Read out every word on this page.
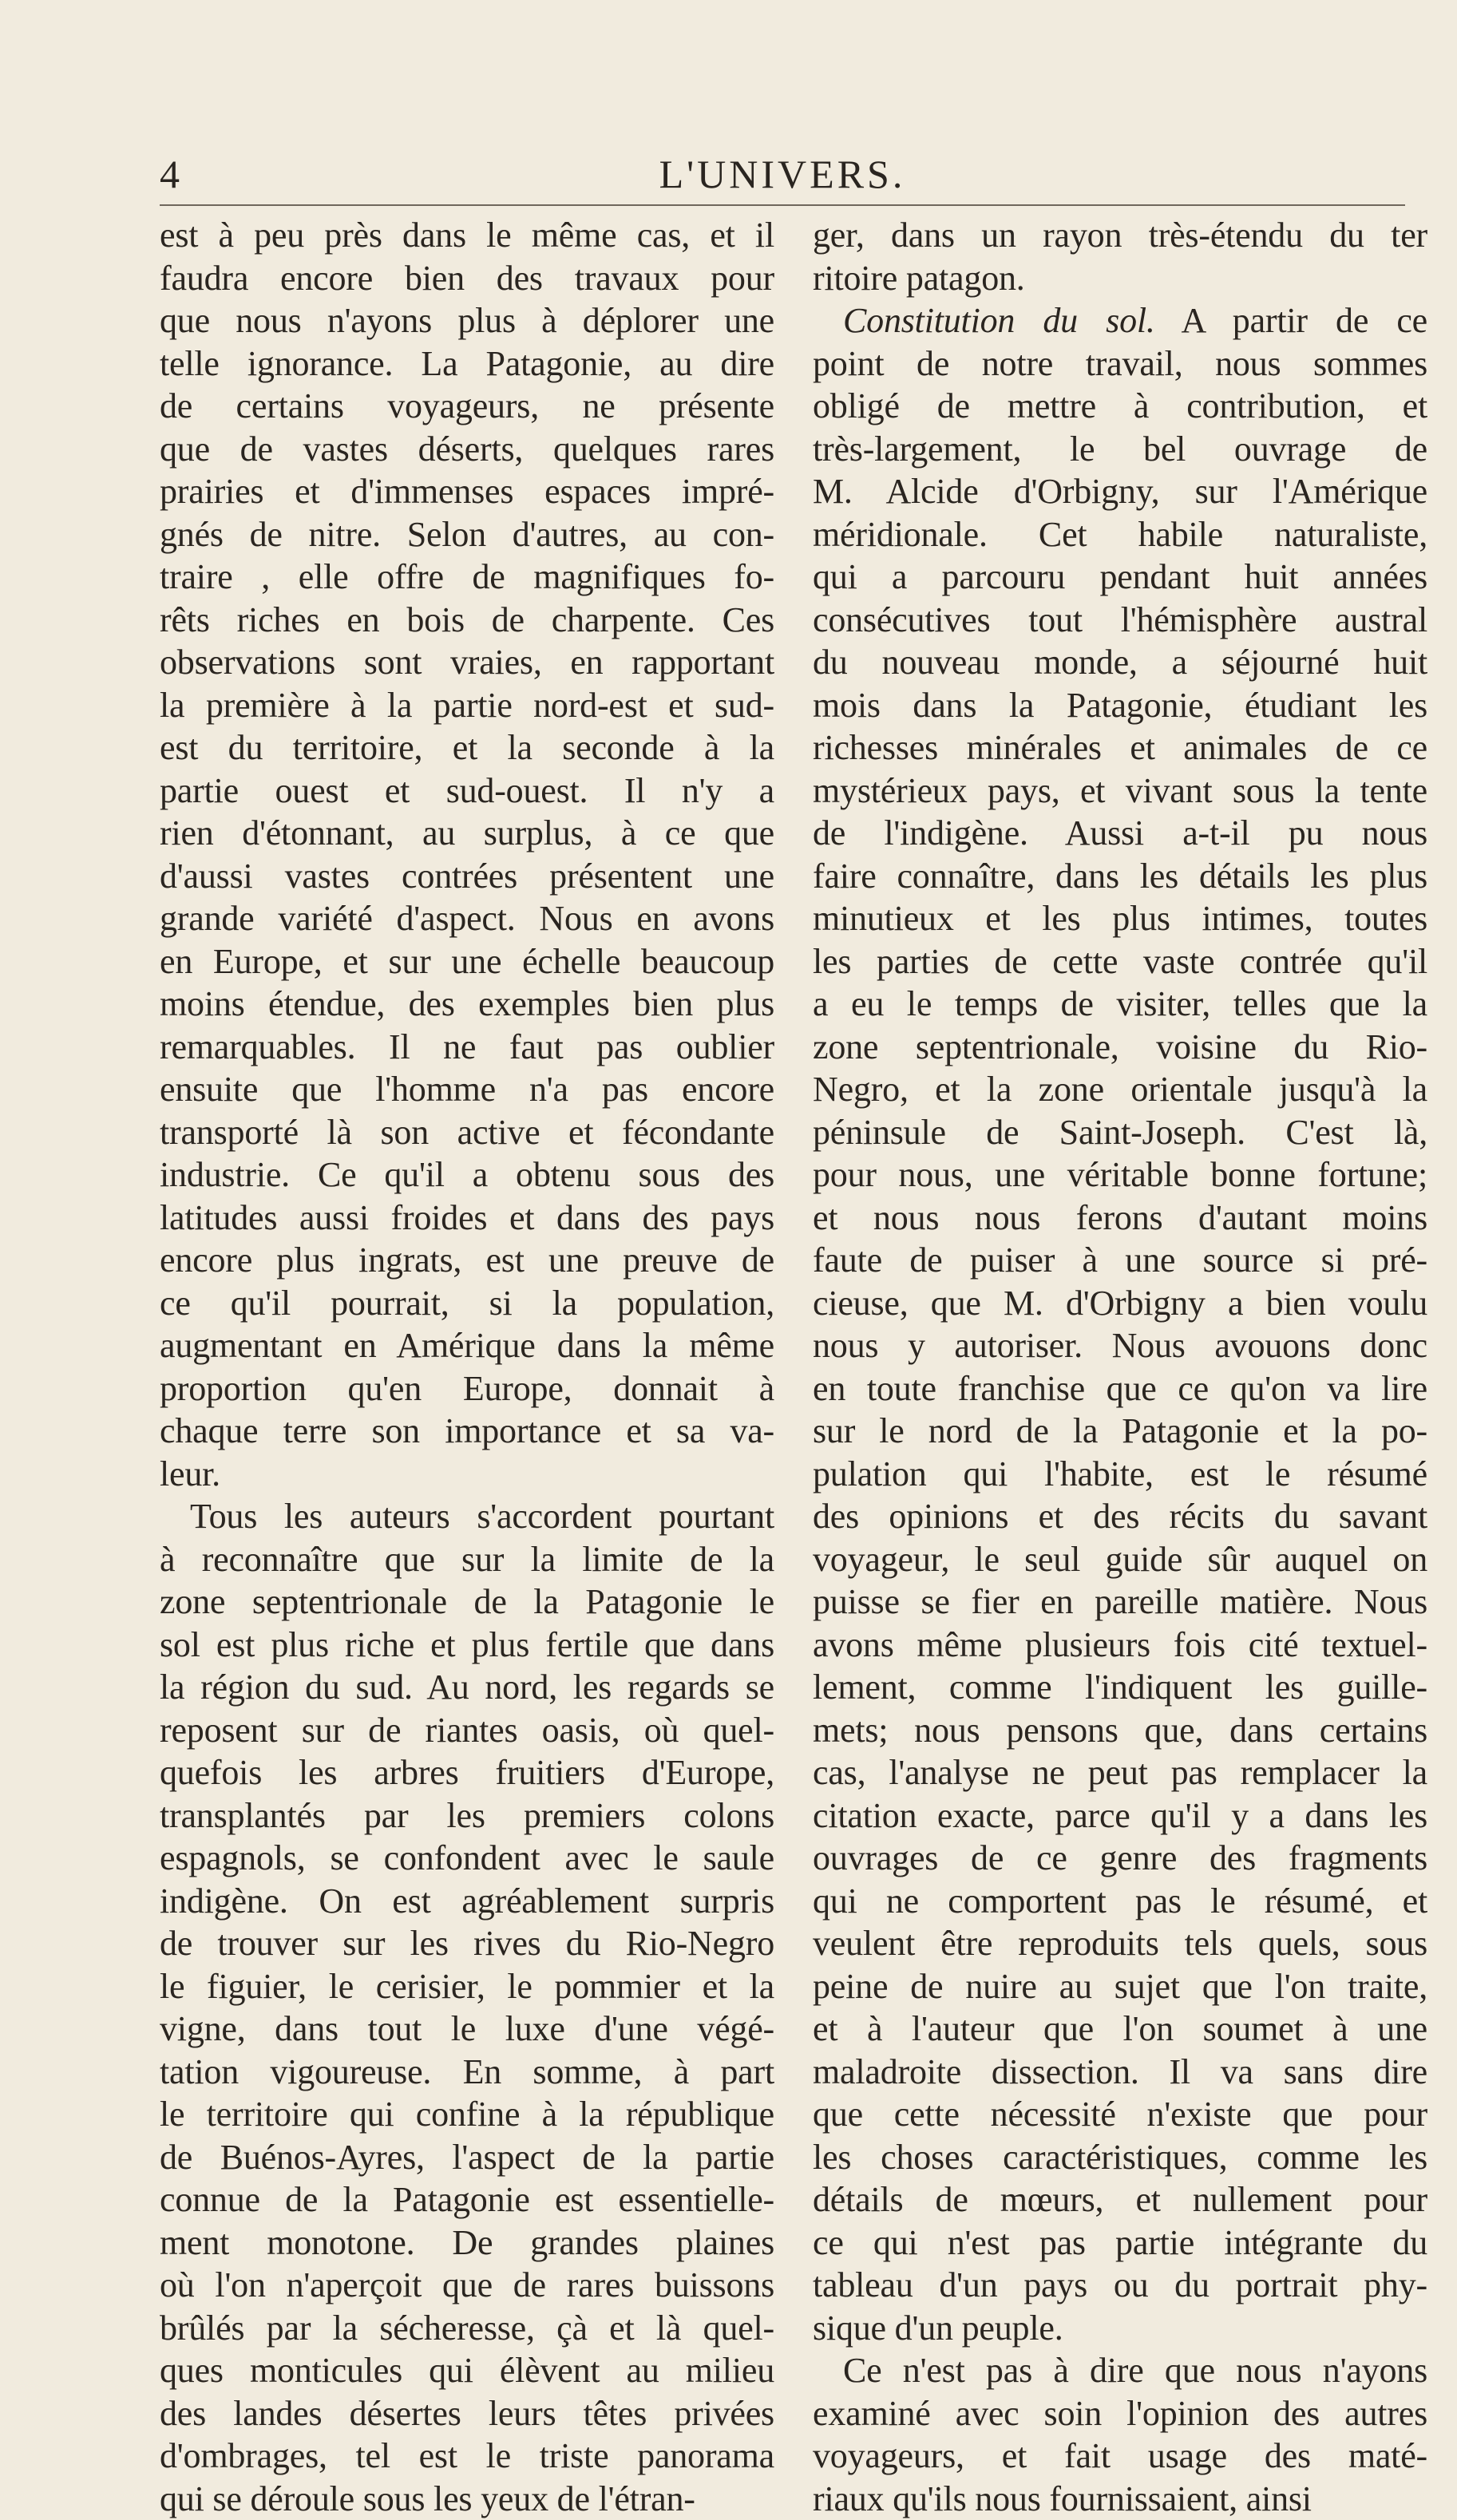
4	L'UNIVERS.
est à peu près dans le même cas, et il
faudra encore bien des travaux pour
que nous n'ayons plus à déplorer une
telle ignorance. La Patagonie, au dire
de certains voyageurs, ne présente
que de vastes déserts, quelques rares
prairies et d'immenses espaces impré-
gnés de nitre. Selon d'autres, au con-
traire , elle offre de magnifiques fo-
rêts riches en bois de charpente. Ces
observations sont vraies, en rapportant
la première à la partie nord-est et sud-
est du territoire, et la seconde à la
partie ouest et sud-ouest. Il n'y a
rien d'étonnant, au surplus, à ce que
d'aussi vastes contrées présentent une
grande variété d'aspect. Nous en avons
en Europe, et sur une échelle beaucoup
moins étendue, des exemples bien plus
remarquables. Il ne faut pas oublier
ensuite que l'homme n'a pas encore
transporté là son active et fécondante
industrie. Ce qu'il a obtenu sous des
latitudes aussi froides et dans des pays
encore plus ingrats, est une preuve de
ce qu'il pourrait, si la population,
augmentant en Amérique dans la même
proportion qu'en Europe, donnait à
chaque terre son importance et sa va-
leur.
Tous les auteurs s'accordent pourtant
à reconnaître que sur la limite de la
zone septentrionale de la Patagonie le
sol est plus riche et plus fertile que dans
la région du sud. Au nord, les regards se
reposent sur de riantes oasis, où quel-
quefois les arbres fruitiers d'Europe,
transplantés par les premiers colons
espagnols, se confondent avec le saule
indigène. On est agréablement surpris
de trouver sur les rives du Rio-Negro
le figuier, le cerisier, le pommier et la
vigne, dans tout le luxe d'une végé-
tation vigoureuse. En somme, à part
le territoire qui confine à la république
de Buénos-Ayres, l'aspect de la partie
connue de la Patagonie est essentielle-
ment monotone. De grandes plaines
où l'on n'aperçoit que de rares buissons
brûlés par la sécheresse, çà et là quel-
ques monticules qui élèvent au milieu
des landes désertes leurs têtes privées
d'ombrages, tel est le triste panorama
qui se déroule sous les yeux de l'étran-
ger, dans un rayon très-étendu du ter
ritoire patagon.
Constitution du sol. A partir de ce
point de notre travail, nous sommes
obligé de mettre à contribution, et
très-largement, le bel ouvrage de
M. Alcide d'Orbigny, sur l'Amérique
méridionale. Cet habile naturaliste,
qui a parcouru pendant huit années
consécutives tout l'hémisphère austral
du nouveau monde, a séjourné huit
mois dans la Patagonie, étudiant les
richesses minérales et animales de ce
mystérieux pays, et vivant sous la tente
de l'indigène. Aussi a-t-il pu nous
faire connaître, dans les détails les plus
minutieux et les plus intimes, toutes
les parties de cette vaste contrée qu'il
a eu le temps de visiter, telles que la
zone septentrionale, voisine du Rio-
Negro, et la zone orientale jusqu'à la
péninsule de Saint-Joseph. C'est là,
pour nous, une véritable bonne fortune;
et nous nous ferons d'autant moins
faute de puiser à une source si pré-
cieuse, que M. d'Orbigny a bien voulu
nous y autoriser. Nous avouons donc
en toute franchise que ce qu'on va lire
sur le nord de la Patagonie et la po-
pulation qui l'habite, est le résumé
des opinions et des récits du savant
voyageur, le seul guide sûr auquel on
puisse se fier en pareille matière. Nous
avons même plusieurs fois cité textuel-
lement, comme l'indiquent les guille-
mets; nous pensons que, dans certains
cas, l'analyse ne peut pas remplacer la
citation exacte, parce qu'il y a dans les
ouvrages de ce genre des fragments
qui ne comportent pas le résumé, et
veulent être reproduits tels quels, sous
peine de nuire au sujet que l'on traite,
et à l'auteur que l'on soumet à une
maladroite dissection. Il va sans dire
que cette nécessité n'existe que pour
les choses caractéristiques, comme les
détails de mœurs, et nullement pour
ce qui n'est pas partie intégrante du
tableau d'un pays ou du portrait phy-
sique d'un peuple.
Ce n'est pas à dire que nous n'ayons
examiné avec soin l'opinion des autres
voyageurs, et fait usage des maté-
riaux qu'ils nous fournissaient, ainsi
